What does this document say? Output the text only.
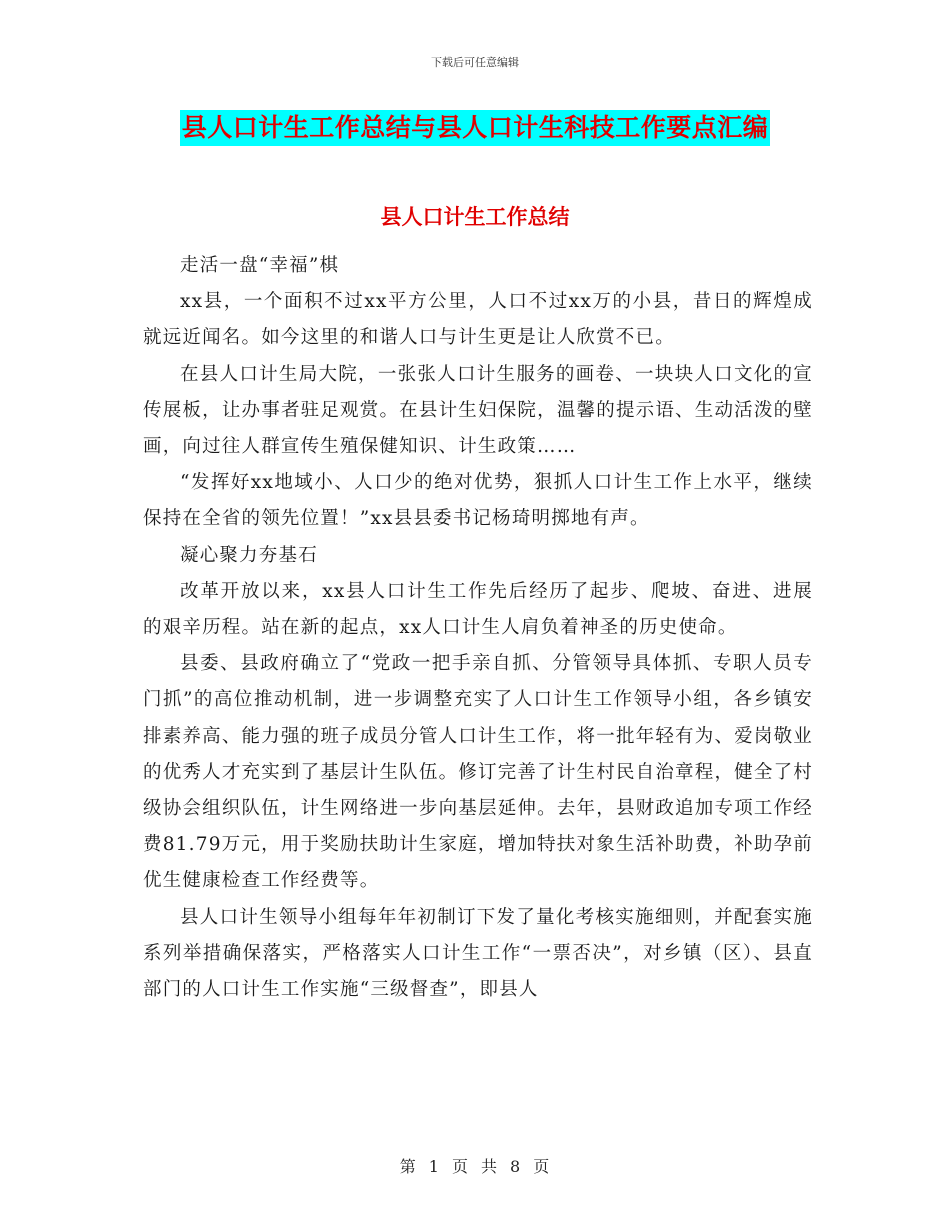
下载后可任意编辑
县人口计生工作总结与县人口计生科技工作要点汇编
县人口计生工作总结

走活一盘“幸福”棋

xx县，一个面积不过xx平方公里，人口不过xx万的小县，昔日的辉煌成就远近闻名。如今这里的和谐人口与计生更是让人欣赏不已。

在县人口计生局大院，一张张人口计生服务的画卷、一块块人口文化的宣传展板，让办事者驻足观赏。在县计生妇保院，温馨的提示语、生动活泼的壁画，向过往人群宣传生殖保健知识、计生政策……

“发挥好xx地域小、人口少的绝对优势，狠抓人口计生工作上水平，继续保持在全省的领先位置！”xx县县委书记杨琦明掷地有声。

凝心聚力夯基石

改革开放以来，xx县人口计生工作先后经历了起步、爬坡、奋进、进展的艰辛历程。站在新的起点，xx人口计生人肩负着神圣的历史使命。

县委、县政府确立了“党政一把手亲自抓、分管领导具体抓、专职人员专门抓”的高位推动机制，进一步调整充实了人口计生工作领导小组，各乡镇安排素养高、能力强的班子成员分管人口计生工作，将一批年轻有为、爱岗敬业的优秀人才充实到了基层计生队伍。修订完善了计生村民自治章程，健全了村级协会组织队伍，计生网络进一步向基层延伸。去年，县财政追加专项工作经费81.79万元，用于奖励扶助计生家庭，增加特扶对象生活补助费，补助孕前优生健康检查工作经费等。

县人口计生领导小组每年年初制订下发了量化考核实施细则，并配套实施系列举措确保落实，严格落实人口计生工作“一票否决”，对乡镇（区）、县直部门的人口计生工作实施“三级督查”，即县人

第 1 页 共 8 页
